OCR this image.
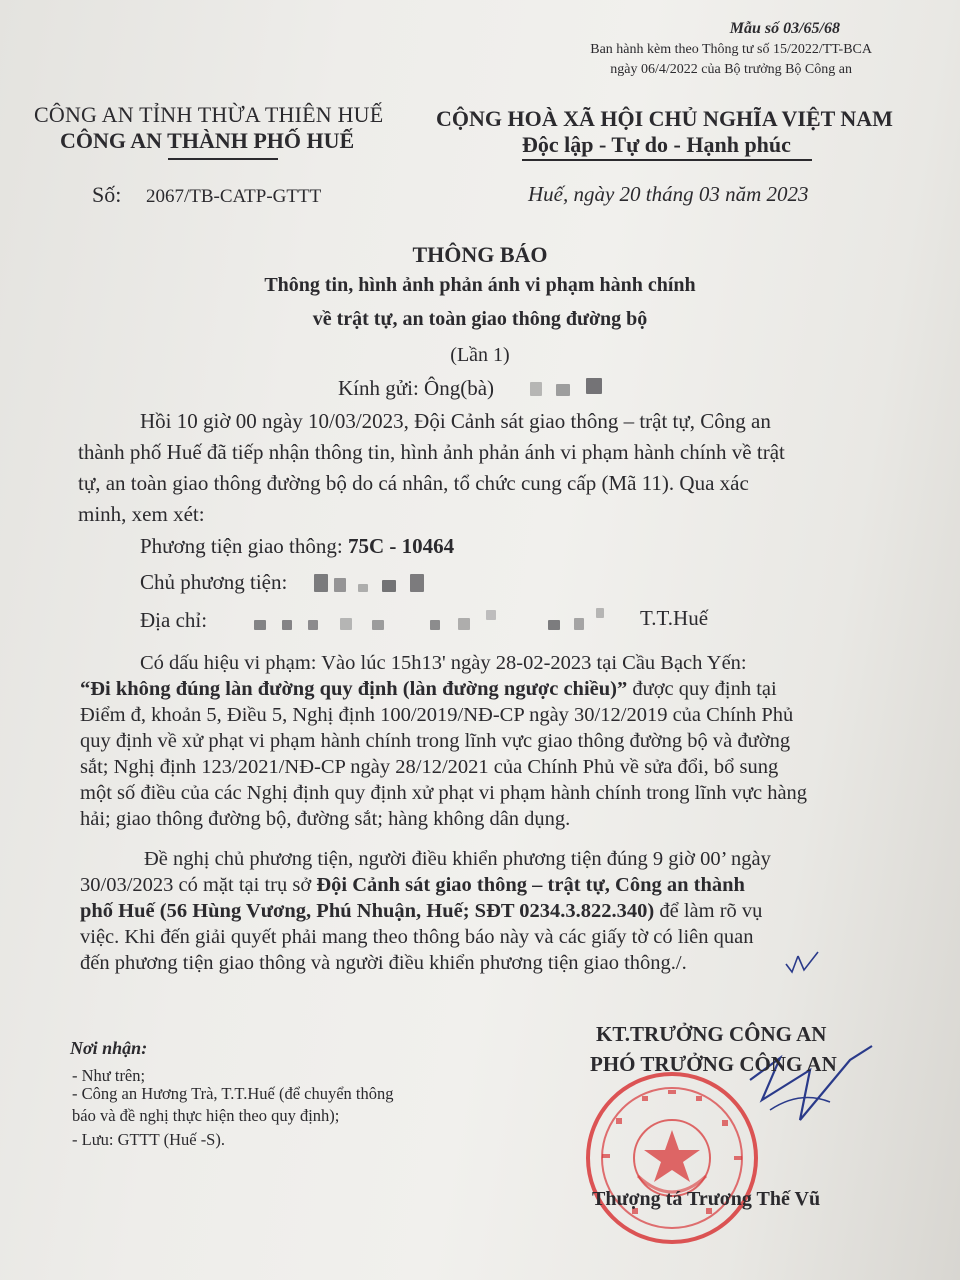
Mẫu số 03/65/68
Ban hành kèm theo Thông tư số 15/2022/TT-BCA
ngày 06/4/2022 của Bộ trưởng Bộ Công an
CÔNG AN TỈNH THỪA THIÊN HUẾ
CÔNG AN THÀNH PHỐ HUẾ
CỘNG HOÀ XÃ HỘI CHỦ NGHĨA VIỆT NAM
Độc lập - Tự do - Hạnh phúc
Số: 2067/TB-CATP-GTTT	Huế, ngày 20 tháng 03 năm 2023
THÔNG BÁO
Thông tin, hình ảnh phản ánh vi phạm hành chính
về trật tự, an toàn giao thông đường bộ
(Lần 1)
Kính gửi: Ông(bà)
Hồi 10 giờ 00 ngày 10/03/2023, Đội Cảnh sát giao thông – trật tự, Công an
thành phố Huế đã tiếp nhận thông tin, hình ảnh phản ánh vi phạm hành chính về trật
tự, an toàn giao thông đường bộ do cá nhân, tổ chức cung cấp (Mã 11). Qua xác
minh, xem xét:
Phương tiện giao thông: 75C - 10464
Chủ phương tiện:
Địa chỉ:	T.T.Huế
Có dấu hiệu vi phạm: Vào lúc 15h13' ngày 28-02-2023 tại Cầu Bạch Yến:
“Đi không đúng làn đường quy định (làn đường ngược chiều)” được quy định tại
Điểm đ, khoản 5, Điều 5, Nghị định 100/2019/NĐ-CP ngày 30/12/2019 của Chính Phủ
quy định về xử phạt vi phạm hành chính trong lĩnh vực giao thông đường bộ và đường
sắt; Nghị định 123/2021/NĐ-CP ngày 28/12/2021 của Chính Phủ về sửa đổi, bổ sung
một số điều của các Nghị định quy định xử phạt vi phạm hành chính trong lĩnh vực hàng
hải; giao thông đường bộ, đường sắt; hàng không dân dụng.
Đề nghị chủ phương tiện, người điều khiển phương tiện đúng 9 giờ 00’ ngày
30/03/2023 có mặt tại trụ sở Đội Cảnh sát giao thông – trật tự, Công an thành
phố Huế (56 Hùng Vương, Phú Nhuận, Huế; SĐT 0234.3.822.340) để làm rõ vụ
việc. Khi đến giải quyết phải mang theo thông báo này và các giấy tờ có liên quan
đến phương tiện giao thông và người điều khiển phương tiện giao thông./.
Nơi nhận:
- Như trên;
- Công an Hương Trà, T.T.Huế (để chuyển thông
báo và đề nghị thực hiện theo quy định);
- Lưu: GTTT (Huế -S).
KT.TRƯỞNG CÔNG AN
PHÓ TRƯỞNG CÔNG AN
Thượng tá Trương Thế Vũ
